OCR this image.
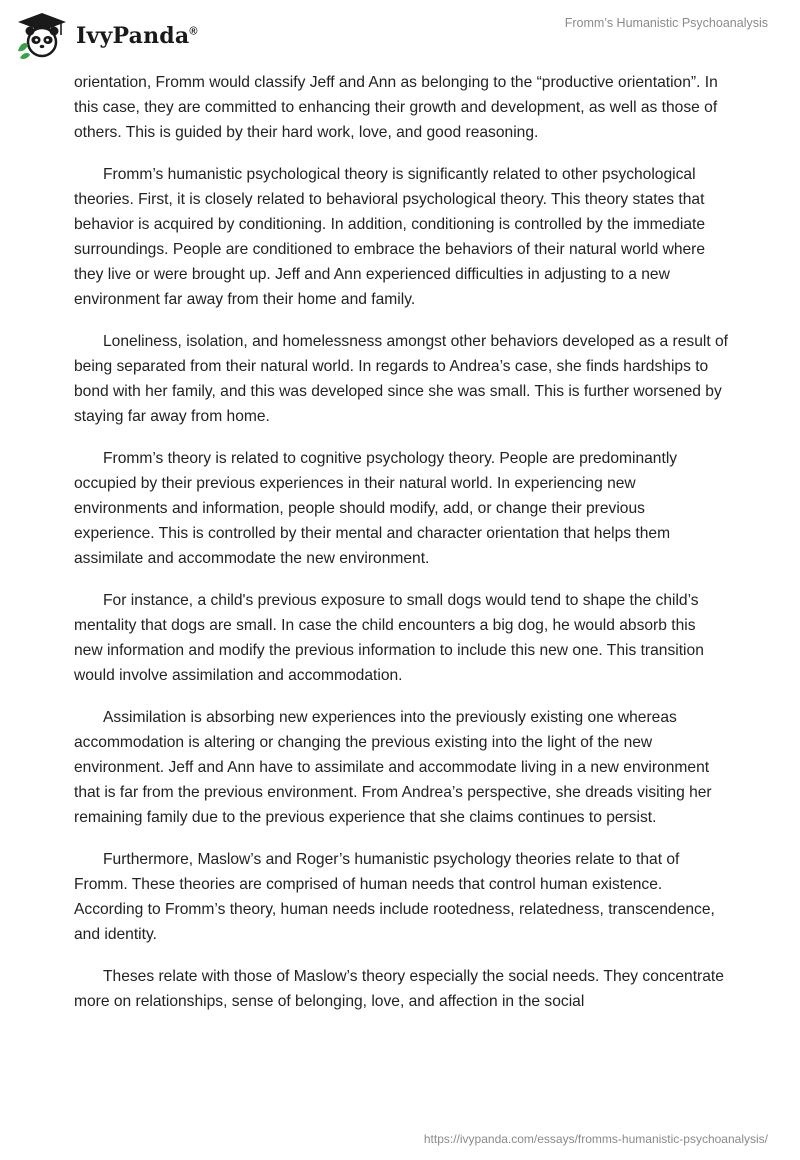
IvyPanda®
Fromm’s Humanistic Psychoanalysis

orientation, Fromm would classify Jeff and Ann as belonging to the “productive orientation”. In this case, they are committed to enhancing their growth and development, as well as those of others. This is guided by their hard work, love, and good reasoning.

Fromm’s humanistic psychological theory is significantly related to other psychological theories. First, it is closely related to behavioral psychological theory. This theory states that behavior is acquired by conditioning. In addition, conditioning is controlled by the immediate surroundings. People are conditioned to embrace the behaviors of their natural world where they live or were brought up. Jeff and Ann experienced difficulties in adjusting to a new environment far away from their home and family.

Loneliness, isolation, and homelessness amongst other behaviors developed as a result of being separated from their natural world. In regards to Andrea’s case, she finds hardships to bond with her family, and this was developed since she was small. This is further worsened by staying far away from home.

Fromm’s theory is related to cognitive psychology theory. People are predominantly occupied by their previous experiences in their natural world. In experiencing new environments and information, people should modify, add, or change their previous experience. This is controlled by their mental and character orientation that helps them assimilate and accommodate the new environment.

For instance, a child's previous exposure to small dogs would tend to shape the child’s mentality that dogs are small. In case the child encounters a big dog, he would absorb this new information and modify the previous information to include this new one. This transition would involve assimilation and accommodation.

Assimilation is absorbing new experiences into the previously existing one whereas accommodation is altering or changing the previous existing into the light of the new environment. Jeff and Ann have to assimilate and accommodate living in a new environment that is far from the previous environment. From Andrea’s perspective, she dreads visiting her remaining family due to the previous experience that she claims continues to persist.

Furthermore, Maslow’s and Roger’s humanistic psychology theories relate to that of Fromm. These theories are comprised of human needs that control human existence. According to Fromm’s theory, human needs include rootedness, relatedness, transcendence, and identity.

Theses relate with those of Maslow’s theory especially the social needs. They concentrate more on relationships, sense of belonging, love, and affection in the social

https://ivypanda.com/essays/fromms-humanistic-psychoanalysis/
